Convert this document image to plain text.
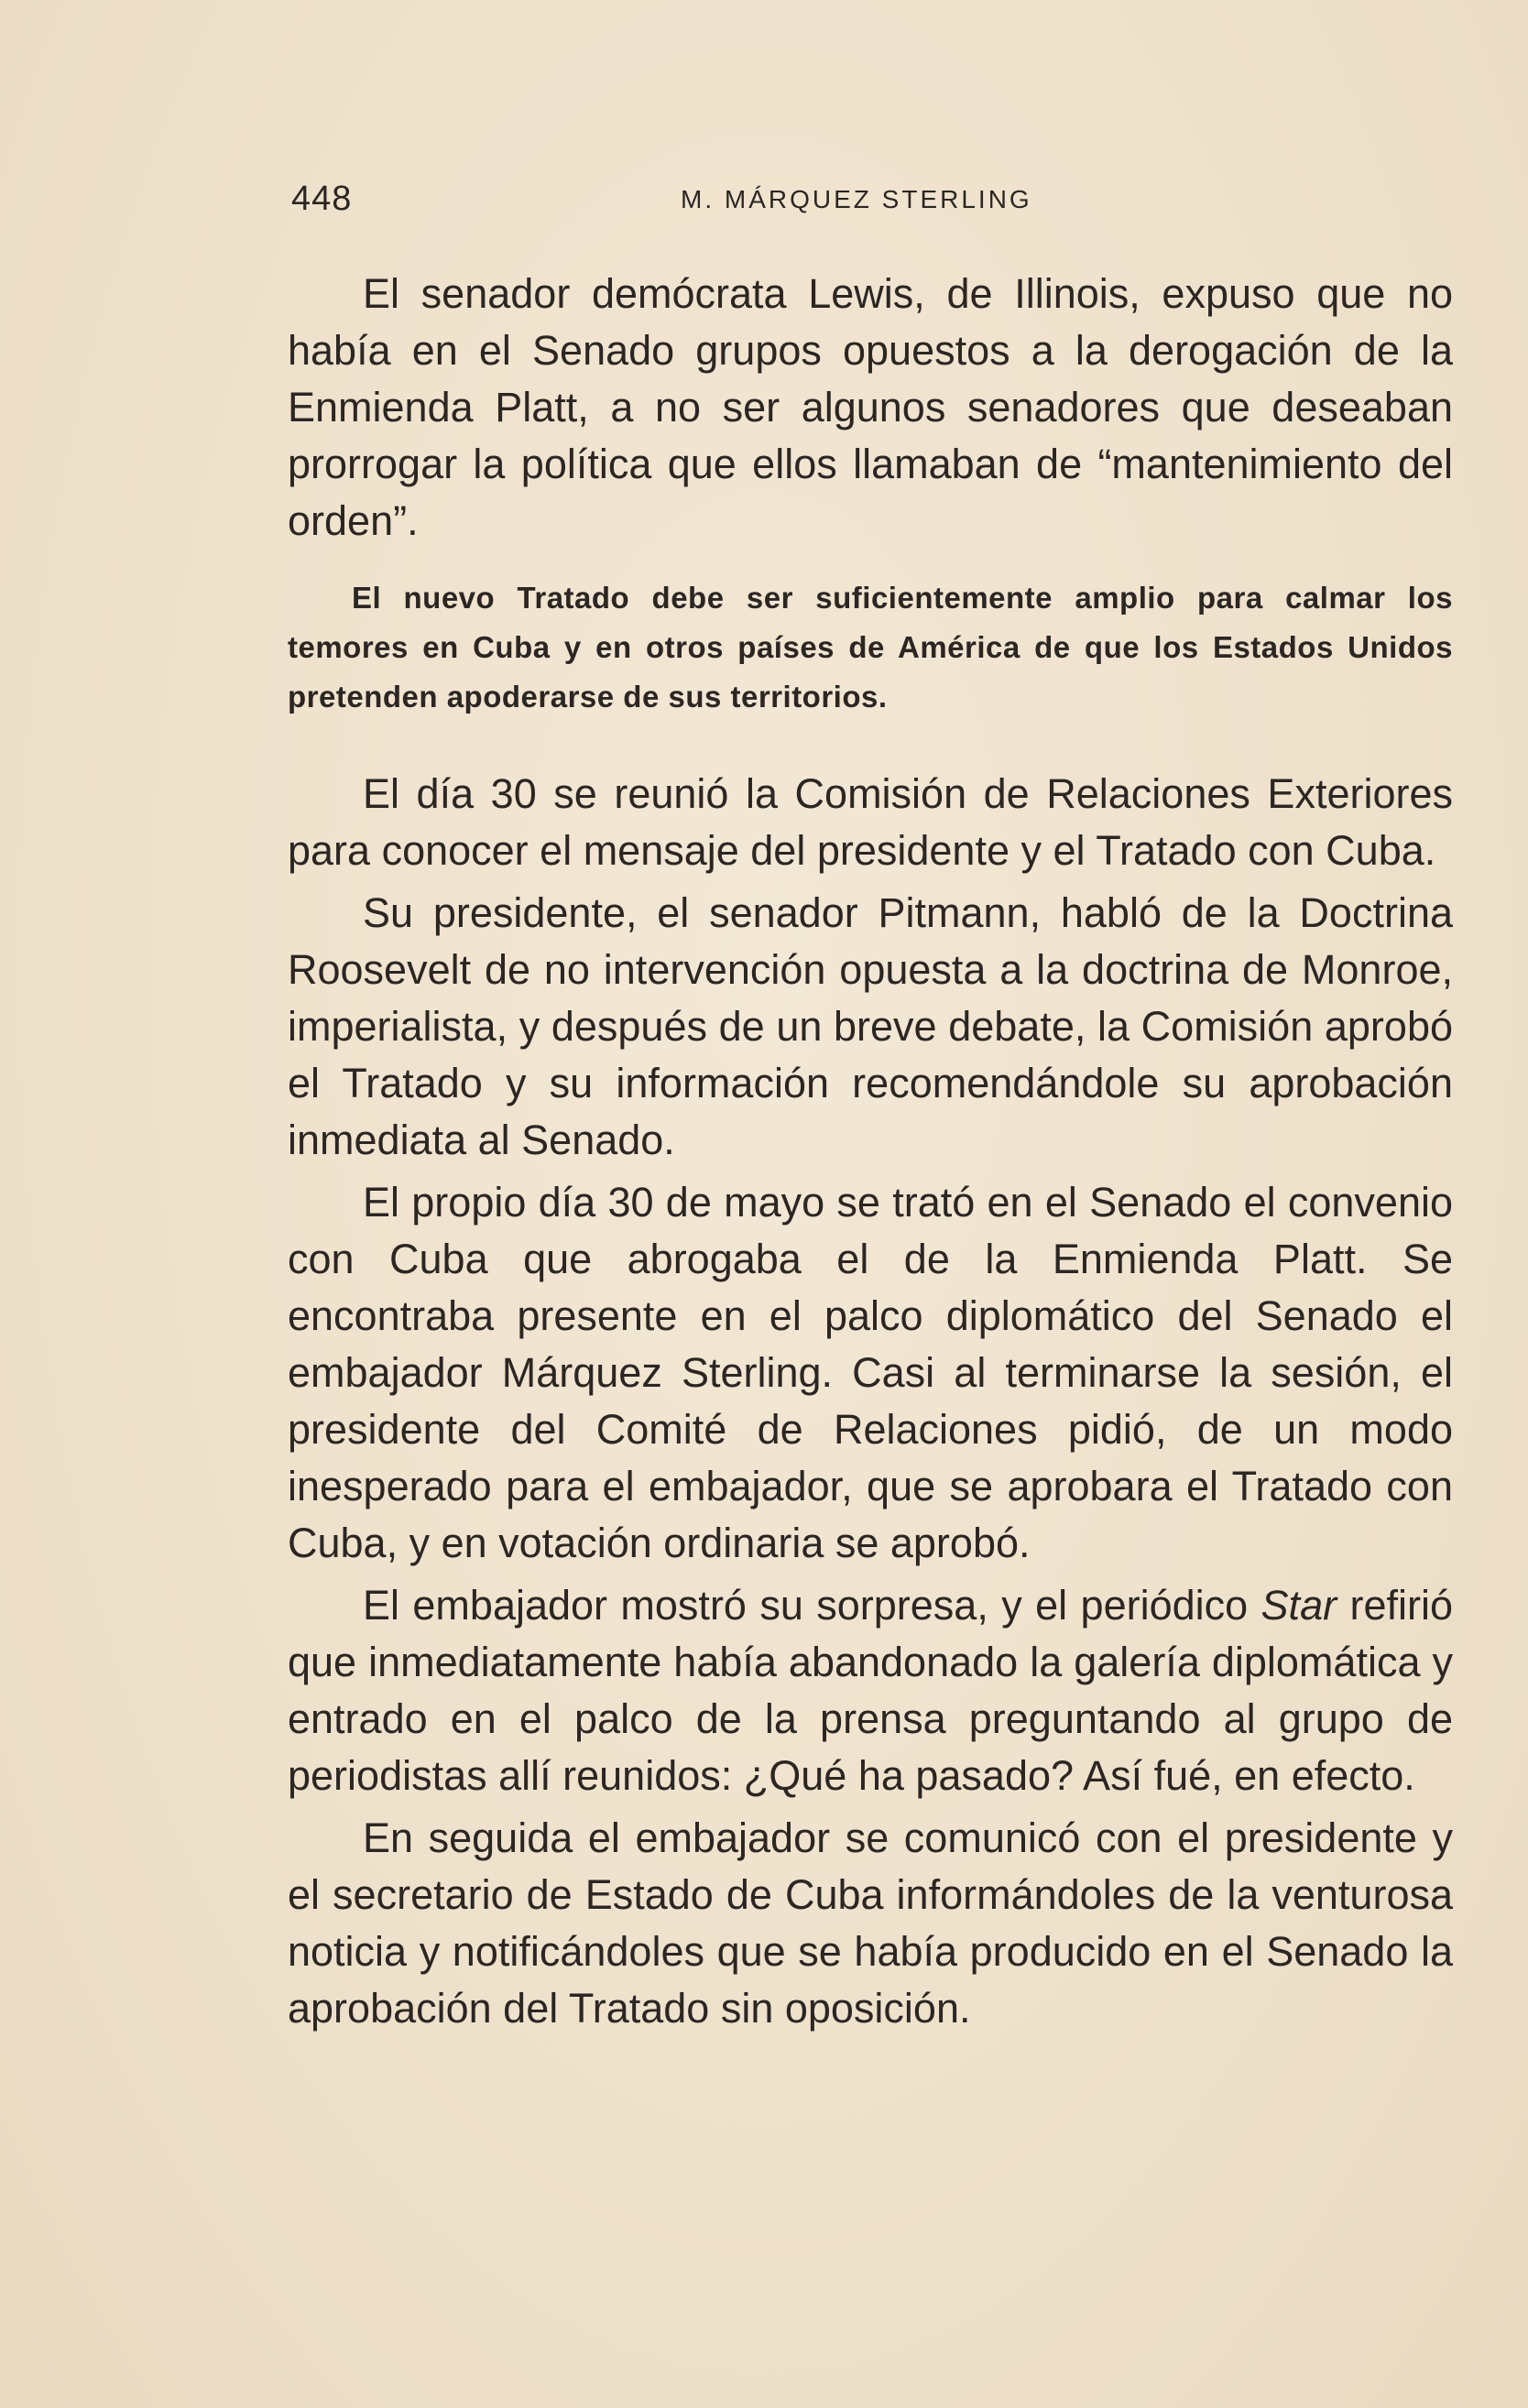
448	M. MÁRQUEZ STERLING

El senador demócrata Lewis, de Illinois, expuso que no había en el Senado grupos opuestos a la derogación de la Enmienda Platt, a no ser algunos senadores que deseaban prorrogar la política que ellos llamaban de “mantenimiento del orden”.

El nuevo Tratado debe ser suficientemente amplio para calmar los temores en Cuba y en otros países de América de que los Estados Unidos pretenden apoderarse de sus territorios.

El día 30 se reunió la Comisión de Relaciones Exteriores para conocer el mensaje del presidente y el Tratado con Cuba.

Su presidente, el senador Pitmann, habló de la Doctrina Roosevelt de no intervención opuesta a la doctrina de Monroe, imperialista, y después de un breve debate, la Comisión aprobó el Tratado y su información recomendándole su aprobación inmediata al Senado.

El propio día 30 de mayo se trató en el Senado el convenio con Cuba que abrogaba el de la Enmienda Platt. Se encontraba presente en el palco diplomático del Senado el embajador Márquez Sterling. Casi al terminarse la sesión, el presidente del Comité de Relaciones pidió, de un modo inesperado para el embajador, que se aprobara el Tratado con Cuba, y en votación ordinaria se aprobó.

El embajador mostró su sorpresa, y el periódico Star refirió que inmediatamente había abandonado la galería diplomática y entrado en el palco de la prensa preguntando al grupo de periodistas allí reunidos: ¿Qué ha pasado? Así fué, en efecto.

En seguida el embajador se comunicó con el presidente y el secretario de Estado de Cuba informándoles de la venturosa noticia y notificándoles que se había producido en el Senado la aprobación del Tratado sin oposición.
